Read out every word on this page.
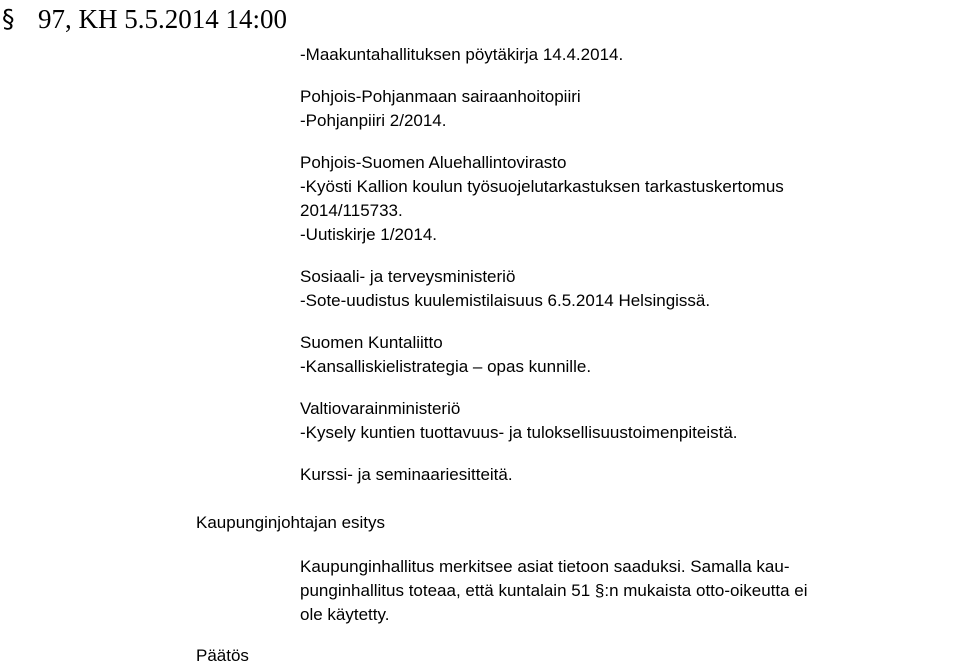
§ 97, KH 5.5.2014 14:00
-Maakuntahallituksen pöytäkirja 14.4.2014.
Pohjois-Pohjanmaan sairaanhoitopiiri
-Pohjanpiiri 2/2014.
Pohjois-Suomen Aluehallintovirasto
-Kyösti Kallion koulun työsuojelutarkastuksen tarkastuskertomus
2014/115733.
-Uutiskirje 1/2014.
Sosiaali- ja terveysministeriö
-Sote-uudistus kuulemistilaisuus 6.5.2014 Helsingissä.
Suomen Kuntaliitto
-Kansalliskielistrategia – opas kunnille.
Valtiovarainministeriö
-Kysely kuntien tuottavuus- ja tuloksellisuustoimenpiteistä.
Kurssi- ja seminaariesitteitä.
Kaupunginjohtajan esitys
Kaupunginhallitus merkitsee asiat tietoon saaduksi. Samalla kau-
punginhallitus toteaa, että kuntalain 51 §:n mukaista otto-oikeutta ei
ole käytetty.
Päätös
